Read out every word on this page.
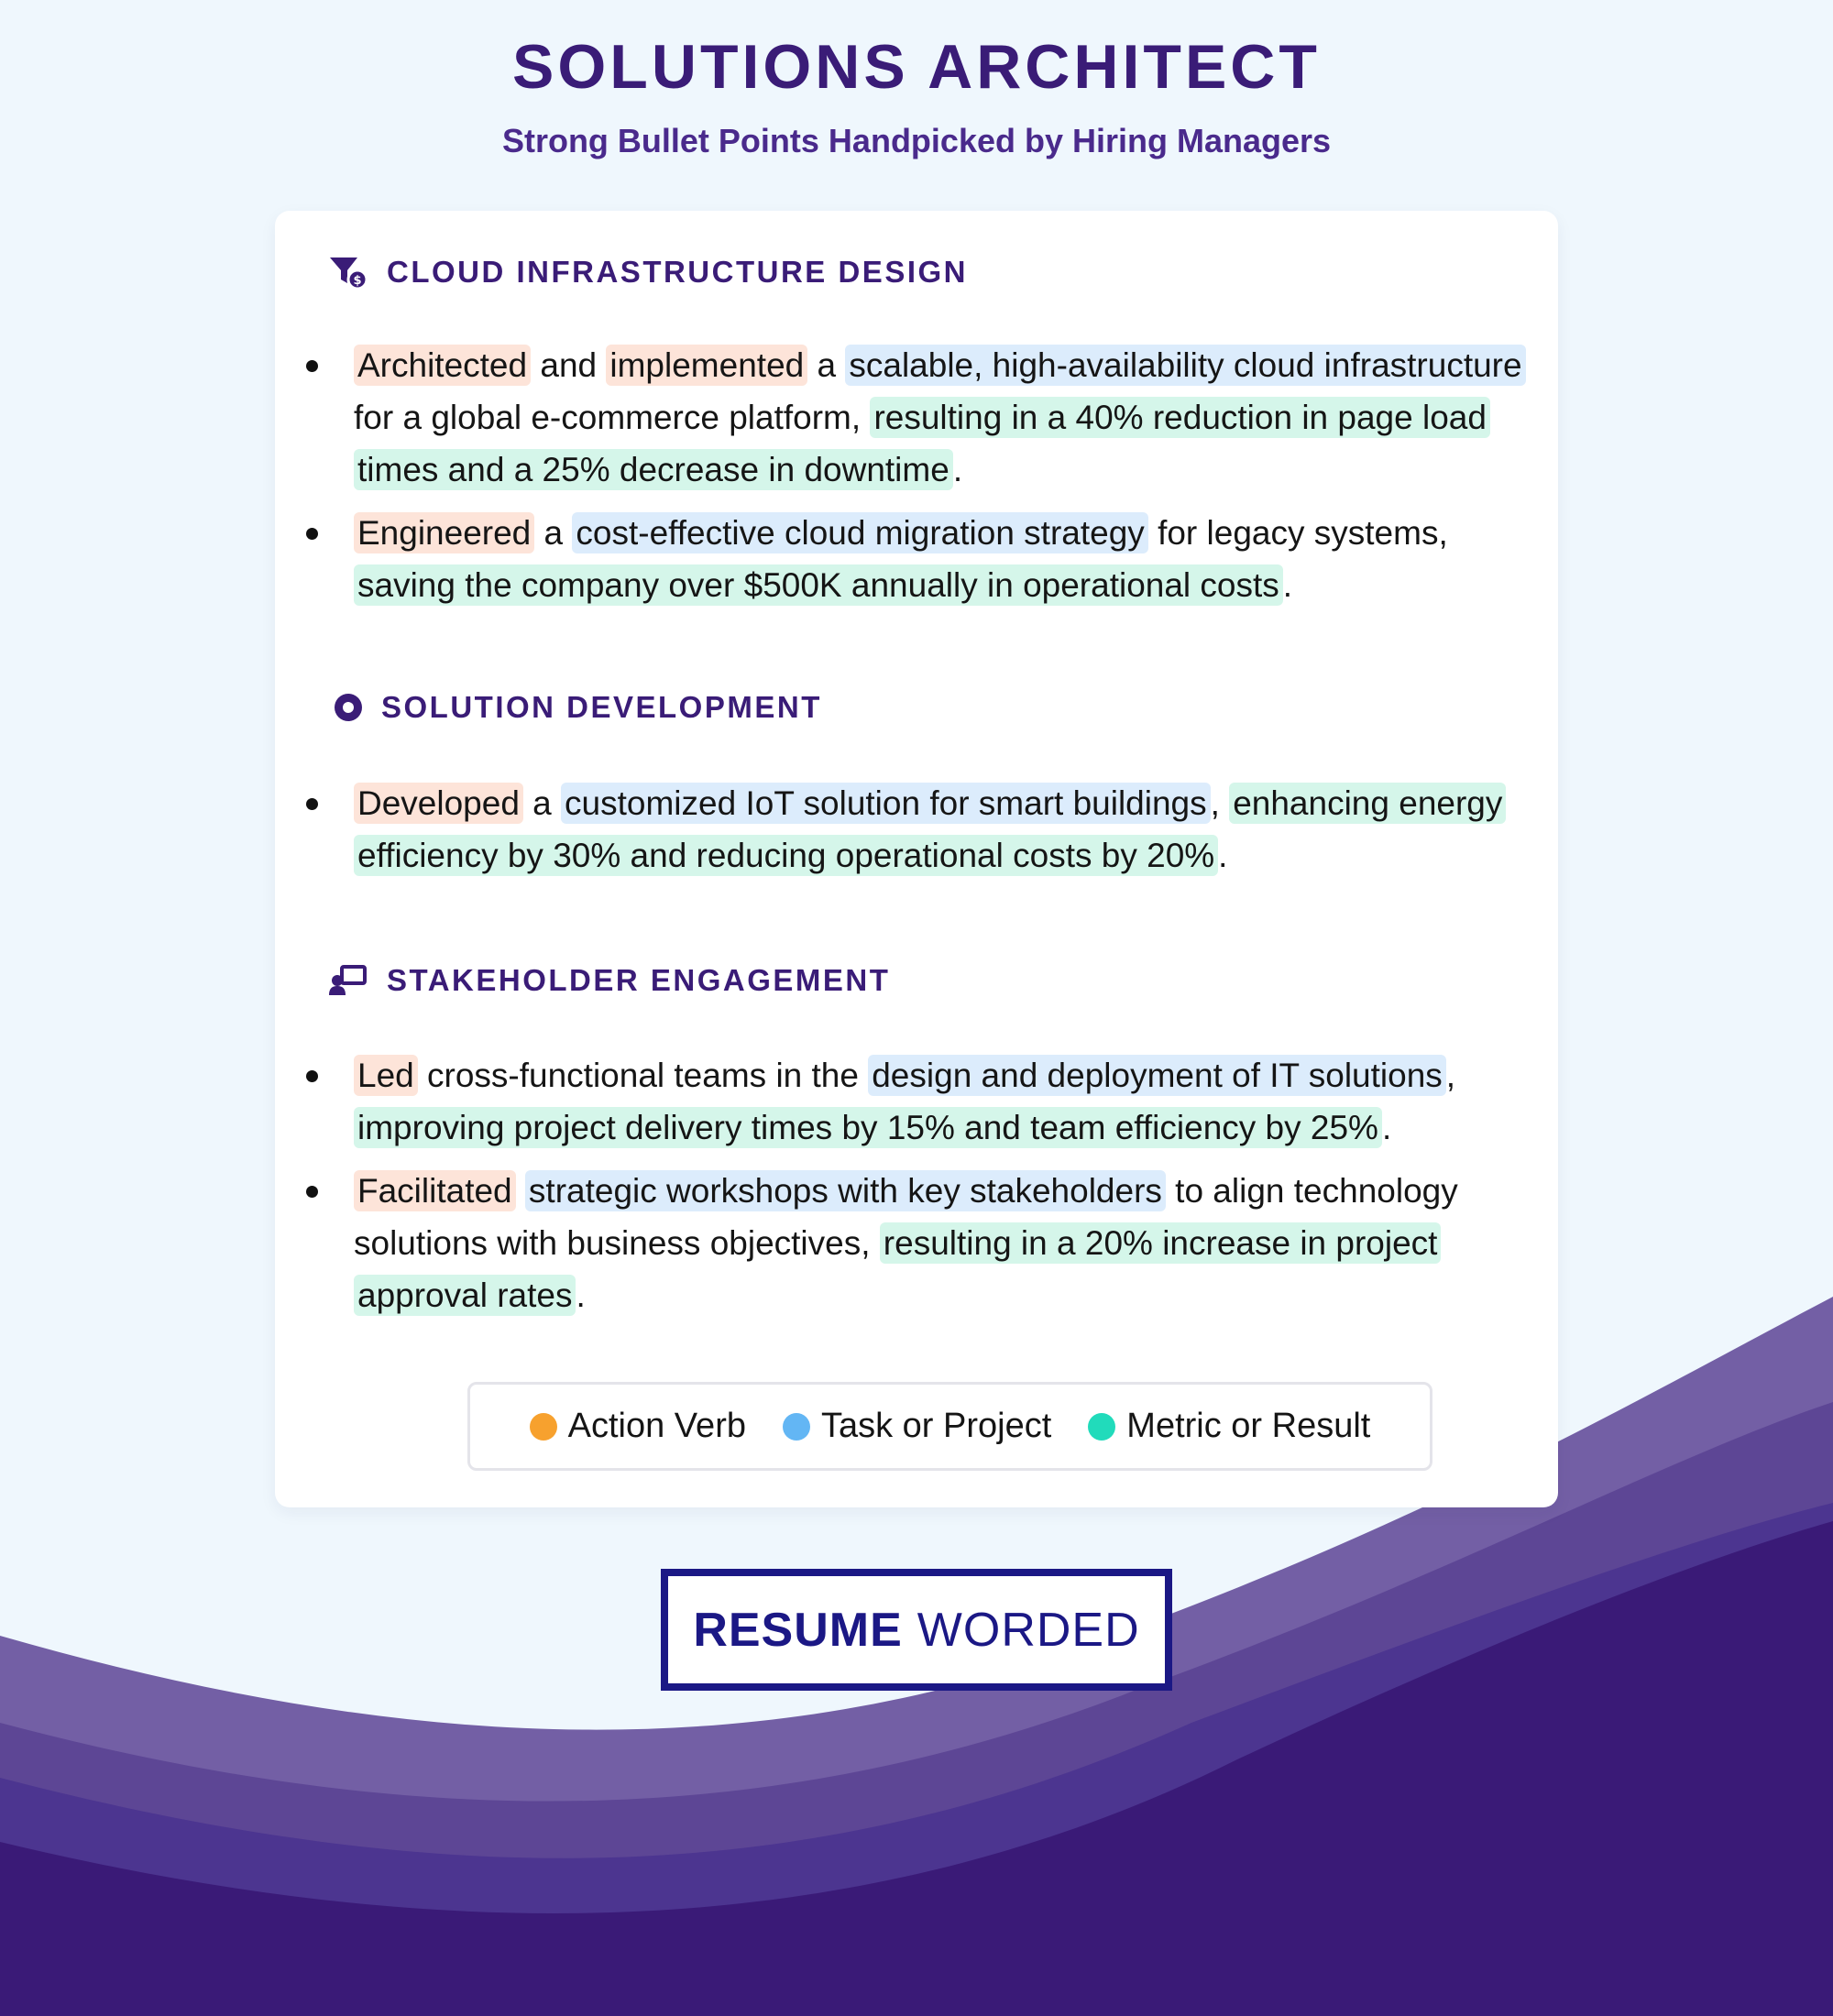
SOLUTIONS ARCHITECT
Strong Bullet Points Handpicked by Hiring Managers
$ CLOUD INFRASTRUCTURE DESIGN
Architected and implemented a scalable, high-availability cloud infrastructure for a global e-commerce platform, resulting in a 40% reduction in page load times and a 25% decrease in downtime .
Engineered a cost-effective cloud migration strategy for legacy systems, saving the company over $500K annually in operational costs .
SOLUTION DEVELOPMENT
Developed a customized IoT solution for smart buildings , enhancing energy efficiency by 30% and reducing operational costs by 20% .
STAKEHOLDER ENGAGEMENT
Led cross-functional teams in the design and deployment of IT solutions , improving project delivery times by 15% and team efficiency by 25% .
Facilitated strategic workshops with key stakeholders to align technology solutions with business objectives, resulting in a 20% increase in project approval rates .
Action Verb Task or Project Metric or Result
RESUME WORDED
